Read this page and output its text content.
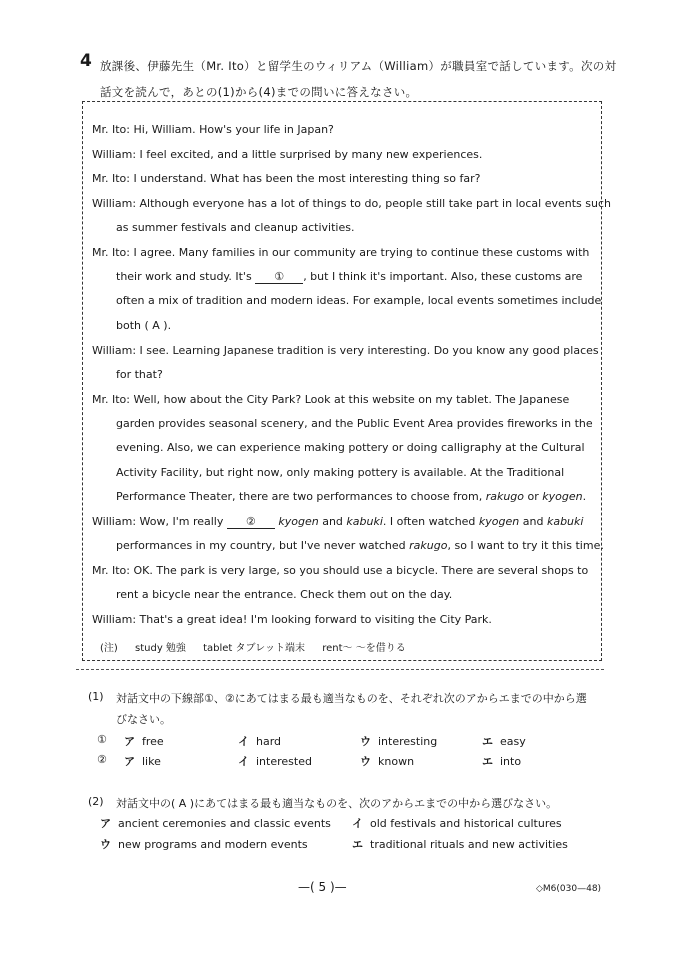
4 放課後、伊藤先生（Mr. Ito）と留学生のウィリアム（William）が職員室で話しています。次の対
話文を読んで，あとの(1)から(4)までの問いに答えなさい。
Mr. Ito: Hi, William. How's your life in Japan?
William: I feel excited, and a little surprised by many new experiences.
Mr. Ito: I understand. What has been the most interesting thing so far?
William: Although everyone has a lot of things to do, people still take part in local events such
as summer festivals and cleanup activities.
Mr. Ito: I agree. Many families in our community are trying to continue these customs with
their work and study. It's ① , but I think it's important. Also, these customs are
often a mix of tradition and modern ideas. For example, local events sometimes include
both ( A ).
William: I see. Learning Japanese tradition is very interesting. Do you know any good places
for that?
Mr. Ito: Well, how about the City Park? Look at this website on my tablet. The Japanese
garden provides seasonal scenery, and the Public Event Area provides fireworks in the
evening. Also, we can experience making pottery or doing calligraphy at the Cultural
Activity Facility, but right now, only making pottery is available. At the Traditional
Performance Theater, there are two performances to choose from, rakugo or kyogen.
William: Wow, I'm really ② kyogen and kabuki. I often watched kyogen and kabuki
performances in my country, but I've never watched rakugo, so I want to try it this time.
Mr. Ito: OK. The park is very large, so you should use a bicycle. There are several shops to
rent a bicycle near the entrance. Check them out on the day.
William: That's a great idea! I'm looking forward to visiting the City Park.
(注) study 勉強 tablet タブレット端末 rent～ ～を借りる
(1) 対話文中の下線部①、②にあてはまる最も適当なものを、それぞれ次のアからエまでの中から選
びなさい。
① ア free	イ hard	ウ interesting	エ easy
② ア like	イ interested	ウ known	エ into
(2) 対話文中の( A )にあてはまる最も適当なものを、次のアからエまでの中から選びなさい。
ア ancient ceremonies and classic events イ old festivals and historical cultures
ウ new programs and modern events	エ traditional rituals and new activities
—( 5 )—	◇M6(030—48)
